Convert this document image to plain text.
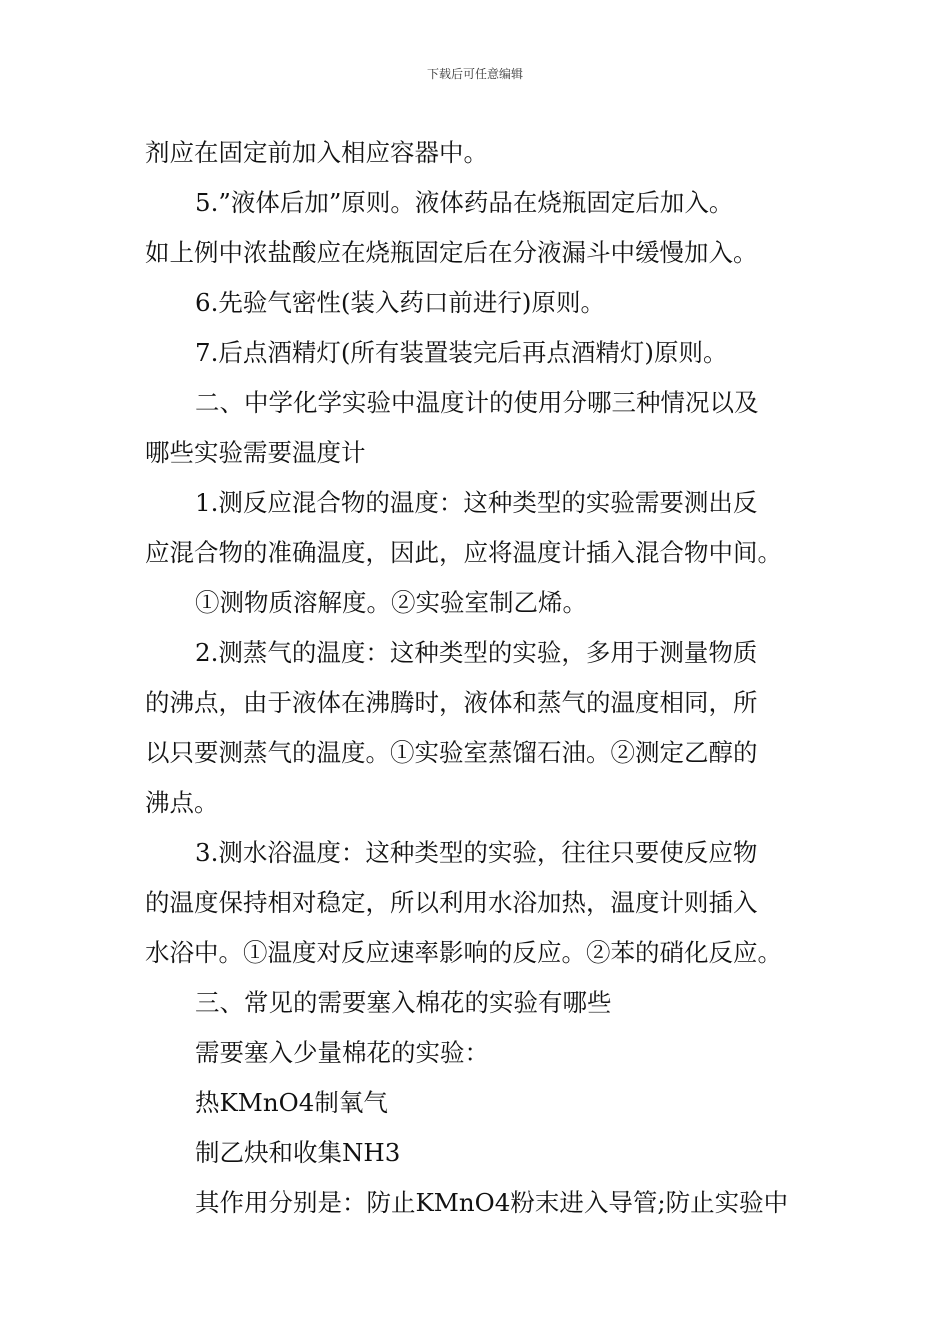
下载后可任意编辑
剂应在固定前加入相应容器中。
5.”液体后加”原则。液体药品在烧瓶固定后加入。
如上例中浓盐酸应在烧瓶固定后在分液漏斗中缓慢加入。
6.先验气密性(装入药口前进行)原则。
7.后点酒精灯(所有装置装完后再点酒精灯)原则。
二、中学化学实验中温度计的使用分哪三种情况以及
哪些实验需要温度计
1.测反应混合物的温度：这种类型的实验需要测出反
应混合物的准确温度，因此，应将温度计插入混合物中间。
①测物质溶解度。②实验室制乙烯。
2.测蒸气的温度：这种类型的实验，多用于测量物质
的沸点，由于液体在沸腾时，液体和蒸气的温度相同，所
以只要测蒸气的温度。①实验室蒸馏石油。②测定乙醇的
沸点。
3.测水浴温度：这种类型的实验，往往只要使反应物
的温度保持相对稳定，所以利用水浴加热，温度计则插入
水浴中。①温度对反应速率影响的反应。②苯的硝化反应。
三、常见的需要塞入棉花的实验有哪些
需要塞入少量棉花的实验：
热KMnO4制氧气
制乙炔和收集NH3
其作用分别是：防止KMnO4粉末进入导管;防止实验中
